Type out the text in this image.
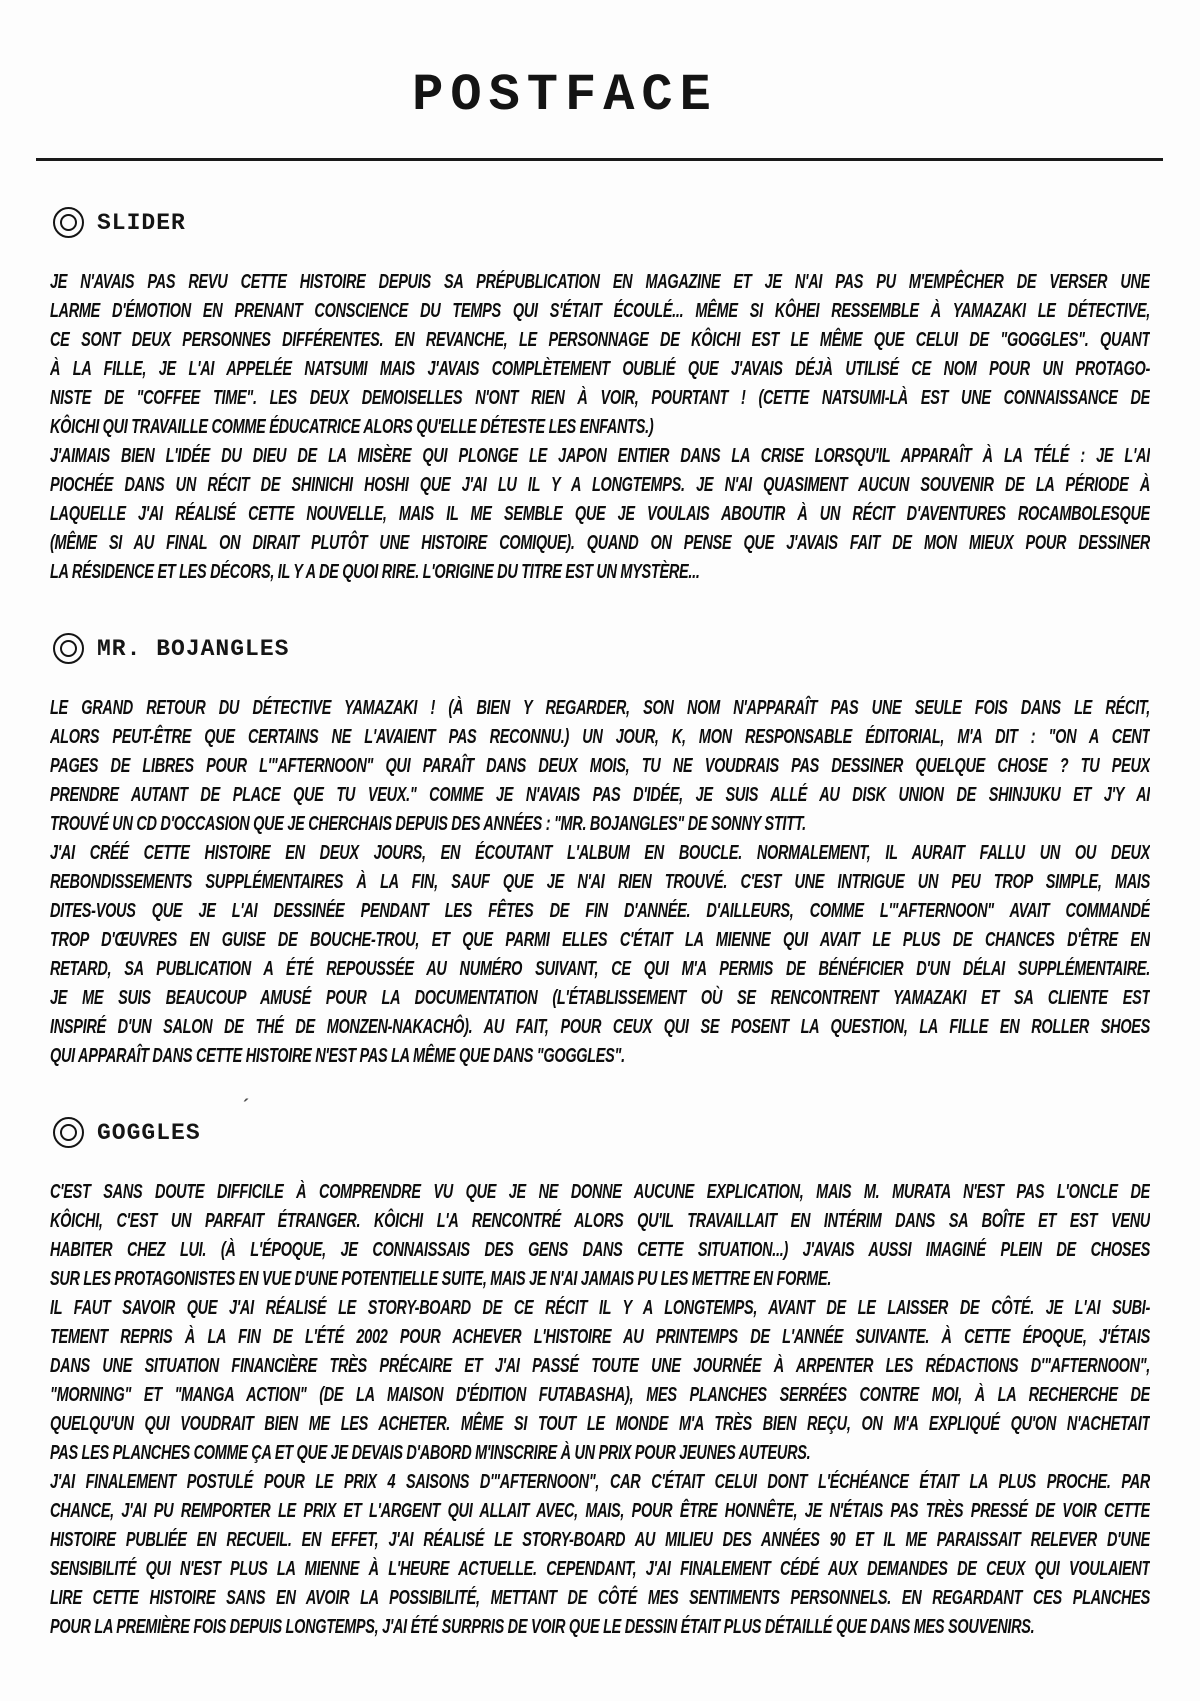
POSTFACE
SLIDER
JE N'AVAIS PAS REVU CETTE HISTOIRE DEPUIS SA PRÉPUBLICATION EN MAGAZINE ET JE N'AI PAS PU M'EMPÊCHER DE VERSER UNE
LARME D'ÉMOTION EN PRENANT CONSCIENCE DU TEMPS QUI S'ÉTAIT ÉCOULÉ... MÊME SI KÔHEI RESSEMBLE À YAMAZAKI LE DÉTECTIVE,
CE SONT DEUX PERSONNES DIFFÉRENTES. EN REVANCHE, LE PERSONNAGE DE KÔICHI EST LE MÊME QUE CELUI DE "GOGGLES". QUANT
À LA FILLE, JE L'AI APPELÉE NATSUMI MAIS J'AVAIS COMPLÈTEMENT OUBLIÉ QUE J'AVAIS DÉJÀ UTILISÉ CE NOM POUR UN PROTAGO-
NISTE DE "COFFEE TIME". LES DEUX DEMOISELLES N'ONT RIEN À VOIR, POURTANT ! (CETTE NATSUMI-LÀ EST UNE CONNAISSANCE DE
KÔICHI QUI TRAVAILLE COMME ÉDUCATRICE ALORS QU'ELLE DÉTESTE LES ENFANTS.)
J'AIMAIS BIEN L'IDÉE DU DIEU DE LA MISÈRE QUI PLONGE LE JAPON ENTIER DANS LA CRISE LORSQU'IL APPARAÎT À LA TÉLÉ : JE L'AI
PIOCHÉE DANS UN RÉCIT DE SHINICHI HOSHI QUE J'AI LU IL Y A LONGTEMPS. JE N'AI QUASIMENT AUCUN SOUVENIR DE LA PÉRIODE À
LAQUELLE J'AI RÉALISÉ CETTE NOUVELLE, MAIS IL ME SEMBLE QUE JE VOULAIS ABOUTIR À UN RÉCIT D'AVENTURES ROCAMBOLESQUE
(MÊME SI AU FINAL ON DIRAIT PLUTÔT UNE HISTOIRE COMIQUE). QUAND ON PENSE QUE J'AVAIS FAIT DE MON MIEUX POUR DESSINER
LA RÉSIDENCE ET LES DÉCORS, IL Y A DE QUOI RIRE. L'ORIGINE DU TITRE EST UN MYSTÈRE...
MR. BOJANGLES
LE GRAND RETOUR DU DÉTECTIVE YAMAZAKI ! (À BIEN Y REGARDER, SON NOM N'APPARAÎT PAS UNE SEULE FOIS DANS LE RÉCIT,
ALORS PEUT-ÊTRE QUE CERTAINS NE L'AVAIENT PAS RECONNU.) UN JOUR, K, MON RESPONSABLE ÉDITORIAL, M'A DIT : "ON A CENT
PAGES DE LIBRES POUR L'"AFTERNOON" QUI PARAÎT DANS DEUX MOIS, TU NE VOUDRAIS PAS DESSINER QUELQUE CHOSE ? TU PEUX
PRENDRE AUTANT DE PLACE QUE TU VEUX." COMME JE N'AVAIS PAS D'IDÉE, JE SUIS ALLÉ AU DISK UNION DE SHINJUKU ET J'Y AI
TROUVÉ UN CD D'OCCASION QUE JE CHERCHAIS DEPUIS DES ANNÉES : "MR. BOJANGLES" DE SONNY STITT.
J'AI CRÉÉ CETTE HISTOIRE EN DEUX JOURS, EN ÉCOUTANT L'ALBUM EN BOUCLE. NORMALEMENT, IL AURAIT FALLU UN OU DEUX
REBONDISSEMENTS SUPPLÉMENTAIRES À LA FIN, SAUF QUE JE N'AI RIEN TROUVÉ. C'EST UNE INTRIGUE UN PEU TROP SIMPLE, MAIS
DITES-VOUS QUE JE L'AI DESSINÉE PENDANT LES FÊTES DE FIN D'ANNÉE. D'AILLEURS, COMME L'"AFTERNOON" AVAIT COMMANDÉ
TROP D'ŒUVRES EN GUISE DE BOUCHE-TROU, ET QUE PARMI ELLES C'ÉTAIT LA MIENNE QUI AVAIT LE PLUS DE CHANCES D'ÊTRE EN
RETARD, SA PUBLICATION A ÉTÉ REPOUSSÉE AU NUMÉRO SUIVANT, CE QUI M'A PERMIS DE BÉNÉFICIER D'UN DÉLAI SUPPLÉMENTAIRE.
JE ME SUIS BEAUCOUP AMUSÉ POUR LA DOCUMENTATION (L'ÉTABLISSEMENT OÙ SE RENCONTRENT YAMAZAKI ET SA CLIENTE EST
INSPIRÉ D'UN SALON DE THÉ DE MONZEN-NAKACHÔ). AU FAIT, POUR CEUX QUI SE POSENT LA QUESTION, LA FILLE EN ROLLER SHOES
QUI APPARAÎT DANS CETTE HISTOIRE N'EST PAS LA MÊME QUE DANS "GOGGLES".
GOGGLES
C'EST SANS DOUTE DIFFICILE À COMPRENDRE VU QUE JE NE DONNE AUCUNE EXPLICATION, MAIS M. MURATA N'EST PAS L'ONCLE DE
KÔICHI, C'EST UN PARFAIT ÉTRANGER. KÔICHI L'A RENCONTRÉ ALORS QU'IL TRAVAILLAIT EN INTÉRIM DANS SA BOÎTE ET EST VENU
HABITER CHEZ LUI. (À L'ÉPOQUE, JE CONNAISSAIS DES GENS DANS CETTE SITUATION...) J'AVAIS AUSSI IMAGINÉ PLEIN DE CHOSES
SUR LES PROTAGONISTES EN VUE D'UNE POTENTIELLE SUITE, MAIS JE N'AI JAMAIS PU LES METTRE EN FORME.
IL FAUT SAVOIR QUE J'AI RÉALISÉ LE STORY-BOARD DE CE RÉCIT IL Y A LONGTEMPS, AVANT DE LE LAISSER DE CÔTÉ. JE L'AI SUBI-
TEMENT REPRIS À LA FIN DE L'ÉTÉ 2002 POUR ACHEVER L'HISTOIRE AU PRINTEMPS DE L'ANNÉE SUIVANTE. À CETTE ÉPOQUE, J'ÉTAIS
DANS UNE SITUATION FINANCIÈRE TRÈS PRÉCAIRE ET J'AI PASSÉ TOUTE UNE JOURNÉE À ARPENTER LES RÉDACTIONS D'"AFTERNOON",
"MORNING" ET "MANGA ACTION" (DE LA MAISON D'ÉDITION FUTABASHA), MES PLANCHES SERRÉES CONTRE MOI, À LA RECHERCHE DE
QUELQU'UN QUI VOUDRAIT BIEN ME LES ACHETER. MÊME SI TOUT LE MONDE M'A TRÈS BIEN REÇU, ON M'A EXPLIQUÉ QU'ON N'ACHETAIT
PAS LES PLANCHES COMME ÇA ET QUE JE DEVAIS D'ABORD M'INSCRIRE À UN PRIX POUR JEUNES AUTEURS.
J'AI FINALEMENT POSTULÉ POUR LE PRIX 4 SAISONS D'"AFTERNOON", CAR C'ÉTAIT CELUI DONT L'ÉCHÉANCE ÉTAIT LA PLUS PROCHE. PAR
CHANCE, J'AI PU REMPORTER LE PRIX ET L'ARGENT QUI ALLAIT AVEC, MAIS, POUR ÊTRE HONNÊTE, JE N'ÉTAIS PAS TRÈS PRESSÉ DE VOIR CETTE
HISTOIRE PUBLIÉE EN RECUEIL. EN EFFET, J'AI RÉALISÉ LE STORY-BOARD AU MILIEU DES ANNÉES 90 ET IL ME PARAISSAIT RELEVER D'UNE
SENSIBILITÉ QUI N'EST PLUS LA MIENNE À L'HEURE ACTUELLE. CEPENDANT, J'AI FINALEMENT CÉDÉ AUX DEMANDES DE CEUX QUI VOULAIENT
LIRE CETTE HISTOIRE SANS EN AVOIR LA POSSIBILITÉ, METTANT DE CÔTÉ MES SENTIMENTS PERSONNELS. EN REGARDANT CES PLANCHES
POUR LA PREMIÈRE FOIS DEPUIS LONGTEMPS, J'AI ÉTÉ SURPRIS DE VOIR QUE LE DESSIN ÉTAIT PLUS DÉTAILLÉ QUE DANS MES SOUVENIRS.
´
